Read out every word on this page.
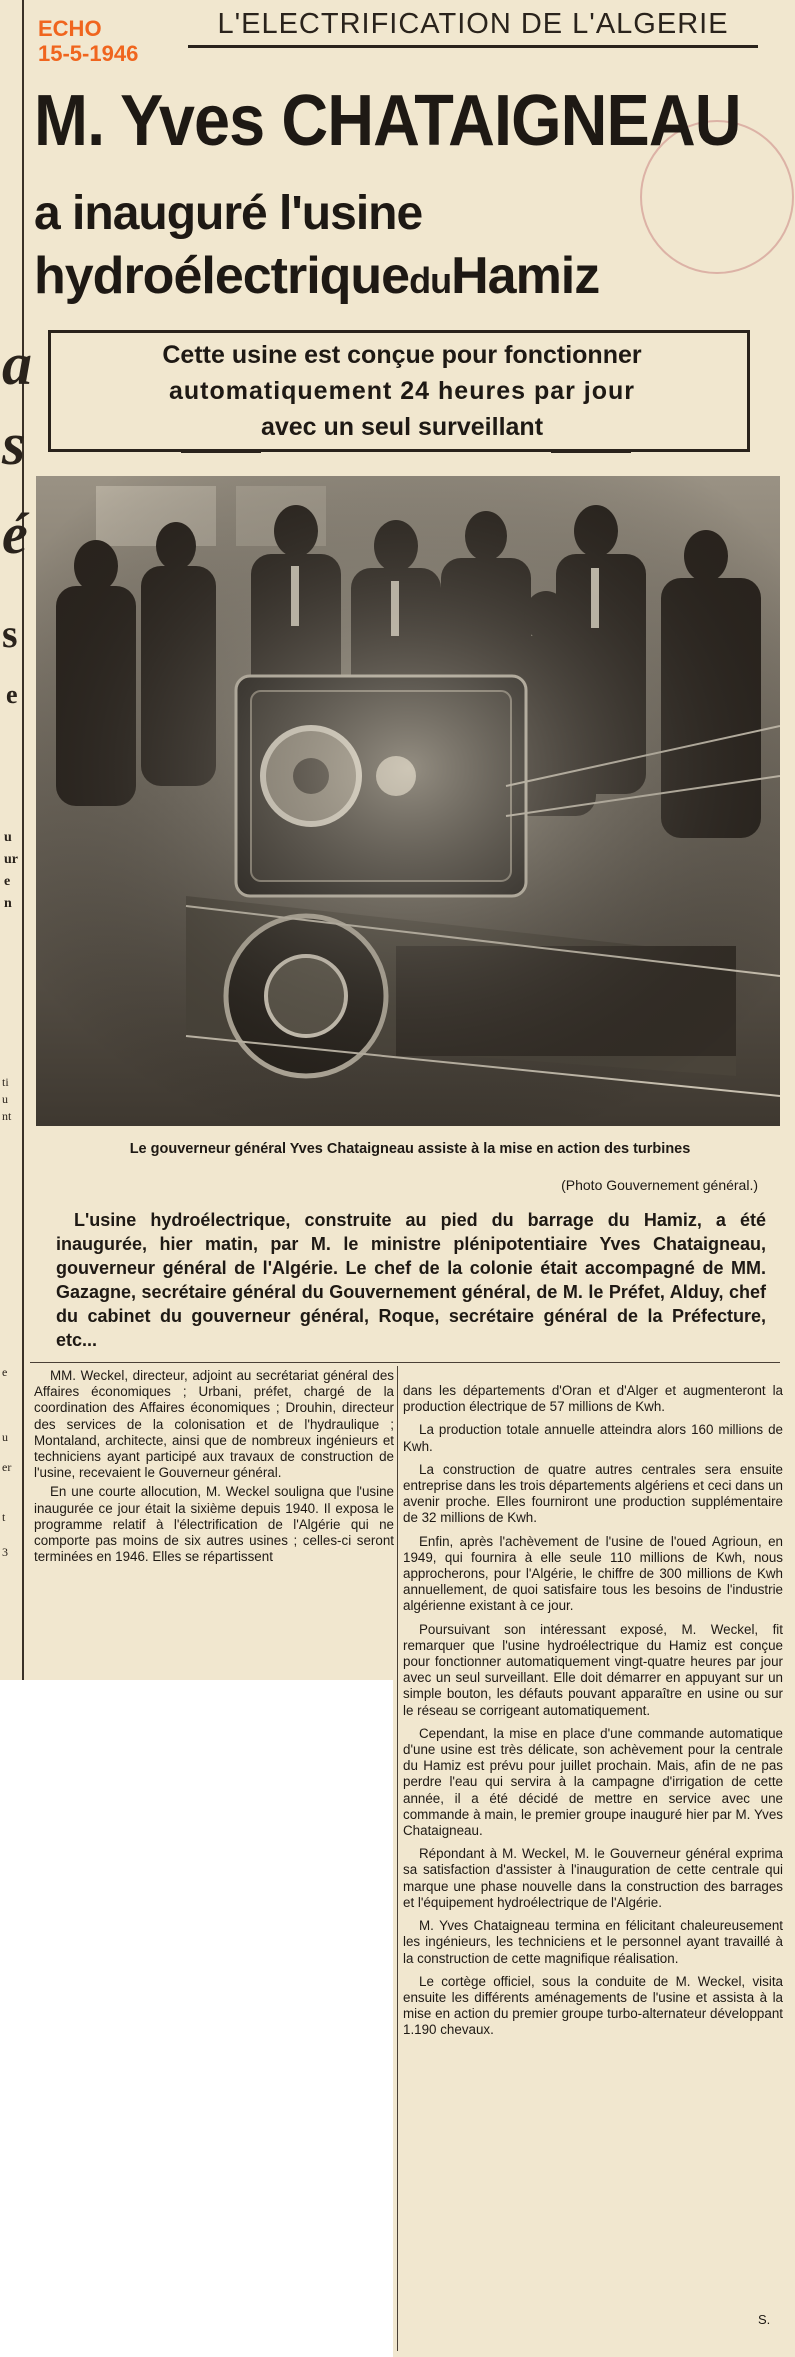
a
s
é
s
e
u
ur
e
n
ti
u
nt
e
u
er
t
3
ECHO
15-5-1946
L'ELECTRIFICATION DE L'ALGERIE
M. Yves CHATAIGNEAU
a inauguré l'usine
hydroélectriqueduHamiz
Cette usine est conçue pour fonctionner
automatiquement 24 heures par jour
avec un seul surveillant
Le gouverneur général Yves Chataigneau assiste à la mise en action des turbines
(Photo Gouvernement général.)
L'usine hydroélectrique, construite au pied du barrage du Hamiz, a été inaugurée, hier matin, par M. le ministre plénipotentiaire Yves Chataigneau, gouverneur général de l'Algérie. Le chef de la colonie était accompagné de MM. Gazagne, secrétaire général du Gouvernement général, de M. le Préfet, Alduy, chef du cabinet du gouverneur général, Roque, secrétaire général de la Préfecture, etc...

MM. Weckel, directeur, adjoint au secrétariat général des Affaires économiques ; Urbani, préfet, chargé de la coordination des Affaires économiques ; Drouhin, directeur des services de la colonisation et de l'hydraulique ; Montaland, architecte, ainsi que de nombreux ingénieurs et techniciens ayant participé aux travaux de construction de l'usine, recevaient le Gouverneur général.

En une courte allocution, M. Weckel souligna que l'usine inaugurée ce jour était la sixième depuis 1940. Il exposa le programme relatif à l'électrification de l'Algérie qui ne comporte pas moins de six autres usines ; celles-ci seront terminées en 1946. Elles se répartissent

dans les départements d'Oran et d'Alger et augmenteront la production électrique de 57 millions de Kwh.

La production totale annuelle atteindra alors 160 millions de Kwh.

La construction de quatre autres centrales sera ensuite entreprise dans les trois départements algériens et ceci dans un avenir proche. Elles fourniront une production supplémentaire de 32 millions de Kwh.

Enfin, après l'achèvement de l'usine de l'oued Agrioun, en 1949, qui fournira à elle seule 110 millions de Kwh, nous approcherons, pour l'Algérie, le chiffre de 300 millions de Kwh annuellement, de quoi satisfaire tous les besoins de l'industrie algérienne existant à ce jour.

Poursuivant son intéressant exposé, M. Weckel, fit remarquer que l'usine hydroélectrique du Hamiz est conçue pour fonctionner automatiquement vingt-quatre heures par jour avec un seul surveillant. Elle doit démarrer en appuyant sur un simple bouton, les défauts pouvant apparaître en usine ou sur le réseau se corrigeant automatiquement.

Cependant, la mise en place d'une commande automatique d'une usine est très délicate, son achèvement pour la centrale du Hamiz est prévu pour juillet prochain. Mais, afin de ne pas perdre l'eau qui servira à la campagne d'irrigation de cette année, il a été décidé de mettre en service avec une commande à main, le premier groupe inauguré hier par M. Yves Chataigneau.

Répondant à M. Weckel, M. le Gouverneur général exprima sa satisfaction d'assister à l'inauguration de cette centrale qui marque une phase nouvelle dans la construction des barrages et l'équipement hydroélectrique de l'Algérie.

M. Yves Chataigneau termina en félicitant chaleureusement les ingénieurs, les techniciens et le personnel ayant travaillé à la construction de cette magnifique réalisation.

Le cortège officiel, sous la conduite de M. Weckel, visita ensuite les différents aménagements de l'usine et assista à la mise en action du premier groupe turbo-alternateur développant 1.190 chevaux.

S.
